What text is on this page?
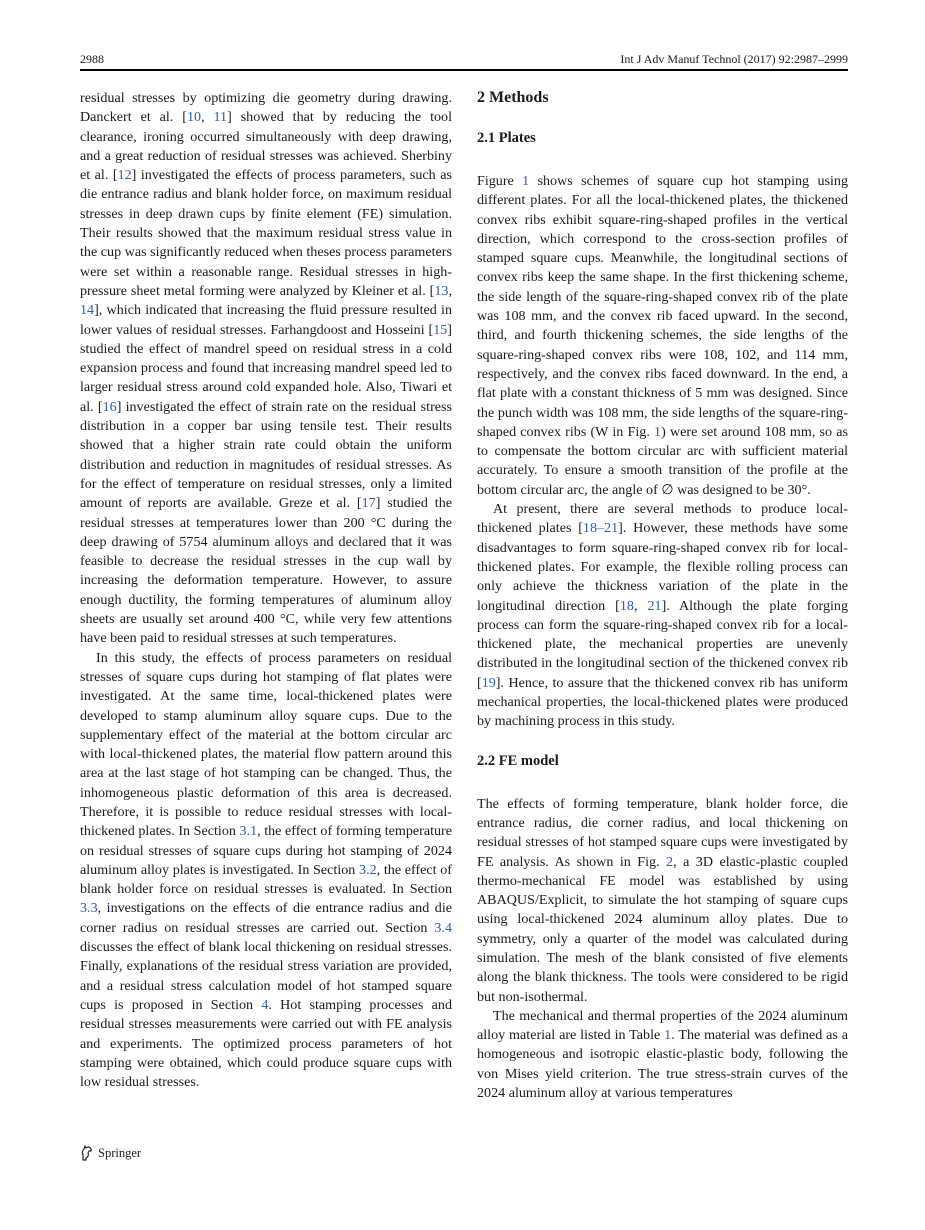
2988	Int J Adv Manuf Technol (2017) 92:2987–2999

residual stresses by optimizing die geometry during drawing. Danckert et al. [10, 11] showed that by reducing the tool clearance, ironing occurred simultaneously with deep drawing, and a great reduction of residual stresses was achieved. Sherbiny et al. [12] investigated the effects of process parameters, such as die entrance radius and blank holder force, on maximum residual stresses in deep drawn cups by finite element (FE) simulation. Their results showed that the maximum residual stress value in the cup was significantly reduced when theses process parameters were set within a reasonable range. Residual stresses in high-pressure sheet metal forming were analyzed by Kleiner et al. [13, 14], which indicated that increasing the fluid pressure resulted in lower values of residual stresses. Farhangdoost and Hosseini [15] studied the effect of mandrel speed on residual stress in a cold expansion process and found that increasing mandrel speed led to larger residual stress around cold expanded hole. Also, Tiwari et al. [16] investigated the effect of strain rate on the residual stress distribution in a copper bar using tensile test. Their results showed that a higher strain rate could obtain the uniform distribution and reduction in magnitudes of residual stresses. As for the effect of temperature on residual stresses, only a limited amount of reports are available. Greze et al. [17] studied the residual stresses at temperatures lower than 200 °C during the deep drawing of 5754 aluminum alloys and declared that it was feasible to decrease the residual stresses in the cup wall by increasing the deformation temperature. However, to assure enough ductility, the forming temperatures of aluminum alloy sheets are usually set around 400 °C, while very few attentions have been paid to residual stresses at such temperatures.

In this study, the effects of process parameters on residual stresses of square cups during hot stamping of flat plates were investigated. At the same time, local-thickened plates were developed to stamp aluminum alloy square cups. Due to the supplementary effect of the material at the bottom circular arc with local-thickened plates, the material flow pattern around this area at the last stage of hot stamping can be changed. Thus, the inhomogeneous plastic deformation of this area is decreased. Therefore, it is possible to reduce residual stresses with local-thickened plates. In Section 3.1, the effect of forming temperature on residual stresses of square cups during hot stamping of 2024 aluminum alloy plates is investigated. In Section 3.2, the effect of blank holder force on residual stresses is evaluated. In Section 3.3, investigations on the effects of die entrance radius and die corner radius on residual stresses are carried out. Section 3.4 discusses the effect of blank local thickening on residual stresses. Finally, explanations of the residual stress variation are provided, and a residual stress calculation model of hot stamped square cups is proposed in Section 4. Hot stamping processes and residual stresses measurements were carried out with FE analysis and experiments. The optimized process parameters of hot stamping were obtained, which could produce square cups with low residual stresses.

2 Methods
2.1 Plates

Figure 1 shows schemes of square cup hot stamping using different plates. For all the local-thickened plates, the thickened convex ribs exhibit square-ring-shaped profiles in the vertical direction, which correspond to the cross-section profiles of stamped square cups. Meanwhile, the longitudinal sections of convex ribs keep the same shape. In the first thickening scheme, the side length of the square-ring-shaped convex rib of the plate was 108 mm, and the convex rib faced upward. In the second, third, and fourth thickening schemes, the side lengths of the square-ring-shaped convex ribs were 108, 102, and 114 mm, respectively, and the convex ribs faced downward. In the end, a flat plate with a constant thickness of 5 mm was designed. Since the punch width was 108 mm, the side lengths of the square-ring-shaped convex ribs (W in Fig. 1) were set around 108 mm, so as to compensate the bottom circular arc with sufficient material accurately. To ensure a smooth transition of the profile at the bottom circular arc, the angle of ∅ was designed to be 30°.

At present, there are several methods to produce local-thickened plates [18–21]. However, these methods have some disadvantages to form square-ring-shaped convex rib for local-thickened plates. For example, the flexible rolling process can only achieve the thickness variation of the plate in the longitudinal direction [18, 21]. Although the plate forging process can form the square-ring-shaped convex rib for a local-thickened plate, the mechanical properties are unevenly distributed in the longitudinal section of the thickened convex rib [19]. Hence, to assure that the thickened convex rib has uniform mechanical properties, the local-thickened plates were produced by machining process in this study.

2.2 FE model

The effects of forming temperature, blank holder force, die entrance radius, die corner radius, and local thickening on residual stresses of hot stamped square cups were investigated by FE analysis. As shown in Fig. 2, a 3D elastic-plastic coupled thermo-mechanical FE model was established by using ABAQUS/Explicit, to simulate the hot stamping of square cups using local-thickened 2024 aluminum alloy plates. Due to symmetry, only a quarter of the model was calculated during simulation. The mesh of the blank consisted of five elements along the blank thickness. The tools were considered to be rigid but non-isothermal.

The mechanical and thermal properties of the 2024 aluminum alloy material are listed in Table 1. The material was defined as a homogeneous and isotropic elastic-plastic body, following the von Mises yield criterion. The true stress-strain curves of the 2024 aluminum alloy at various temperatures

Springer
